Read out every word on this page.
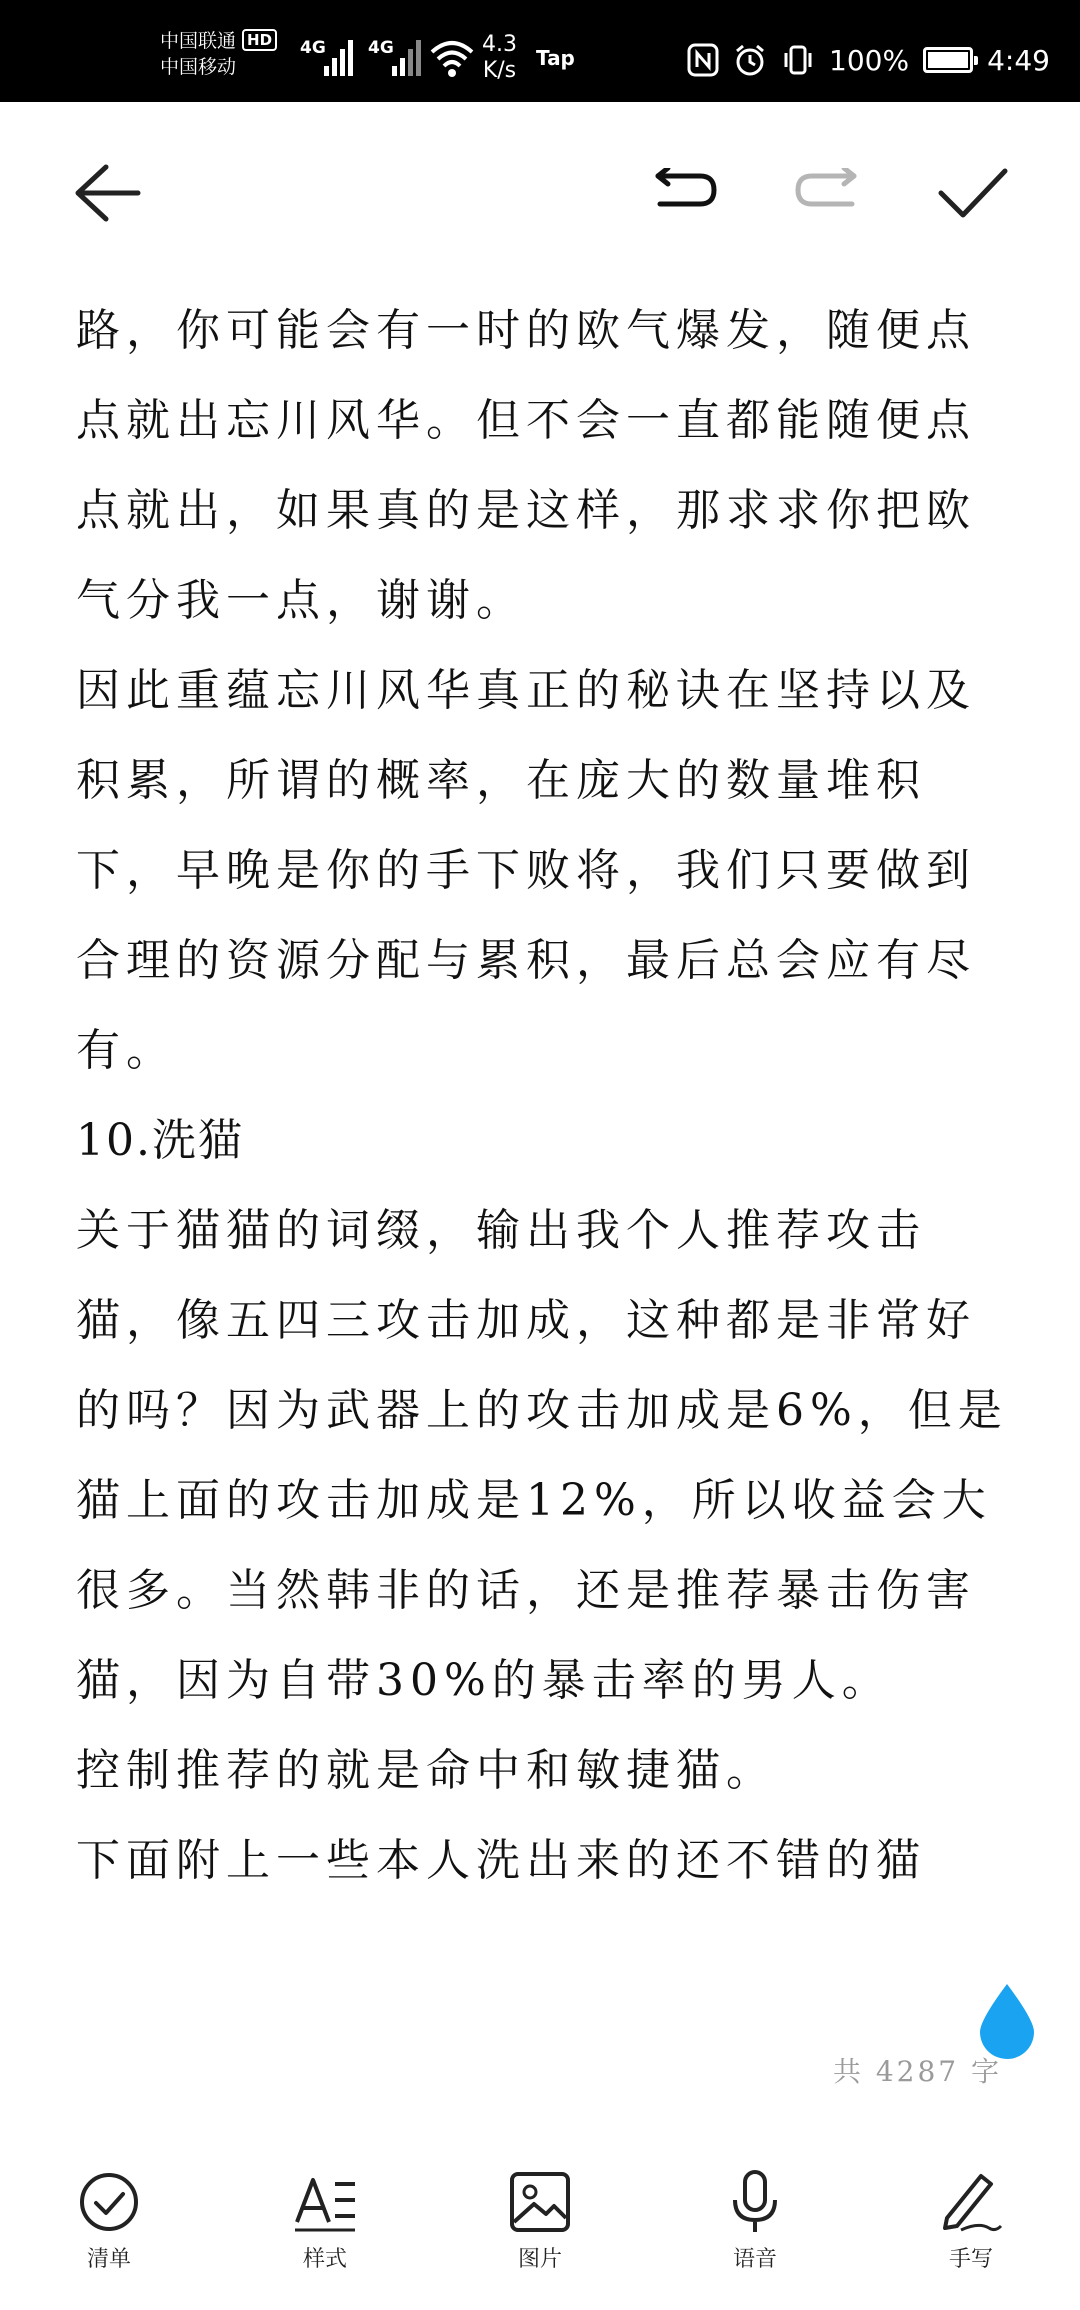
中国联通 HD
中国移动
4G 4G	4.3
K/s Tap	100%	4:49

路，你可能会有一时的欧气爆发，随便点点就出忘川风华。但不会一直都能随便点点就出，如果真的是这样，那求求你把欧气分我一点，谢谢。

因此重蕴忘川风华真正的秘诀在坚持以及积累，所谓的概率，在庞大的数量堆积下，早晚是你的手下败将，我们只要做到合理的资源分配与累积，最后总会应有尽有。

10.洗猫

关于猫猫的词缀，输出我个人推荐攻击猫，像五四三攻击加成，这种都是非常好的吗？因为武器上的攻击加成是6%，但是猫上面的攻击加成是12%，所以收益会大很多。当然韩非的话，还是推荐暴击伤害猫，因为自带30%的暴击率的男人。

控制推荐的就是命中和敏捷猫。

下面附上一些本人洗出来的还不错的猫

共 4287 字
清单	样式	图片	语音	手写
